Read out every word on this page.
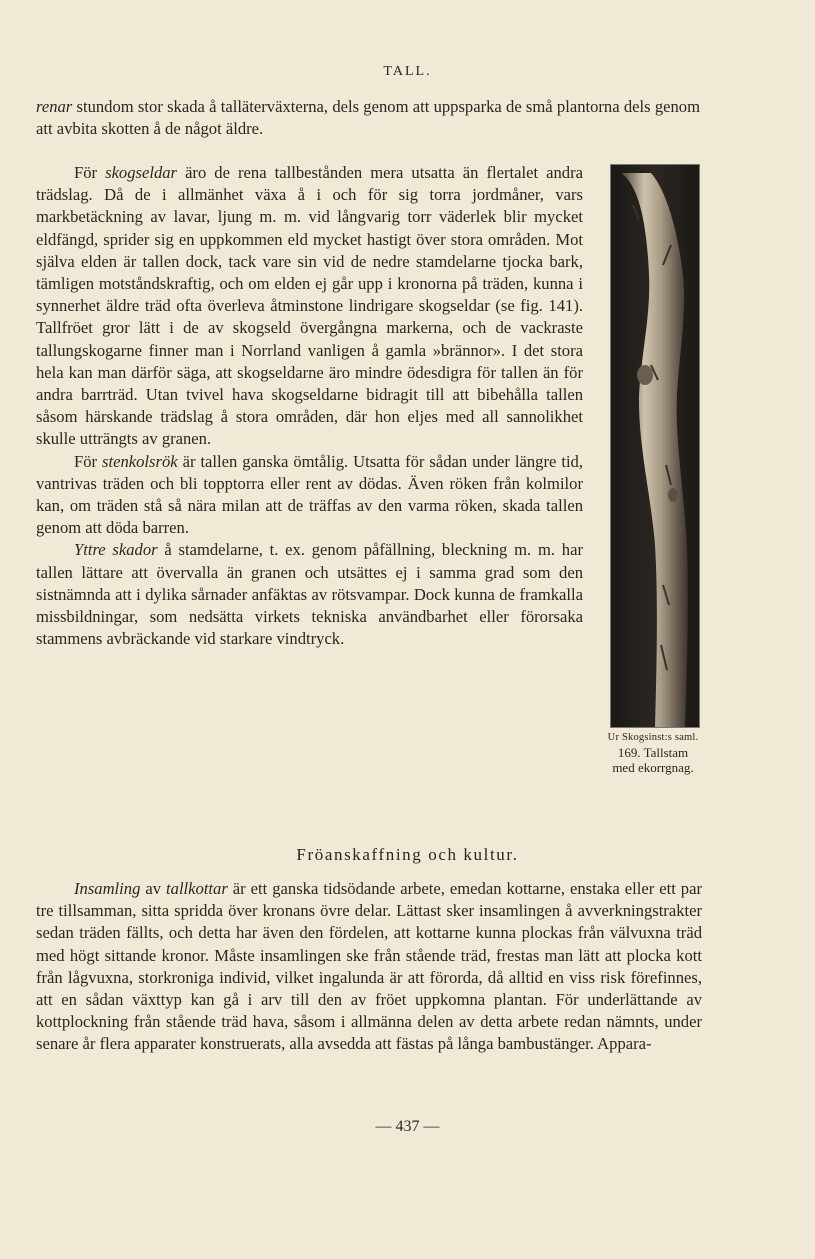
TALL.

renar stundom stor skada å talläterväxterna, dels genom att uppsparka de små plantorna dels genom att avbita skotten å de något äldre.

För skogseldar äro de rena tallbestånden mera utsatta än flertalet andra trädslag. Då de i allmänhet växa å i och för sig torra jordmåner, vars markbetäckning av lavar, ljung m. m. vid långvarig torr väderlek blir mycket eldfängd, sprider sig en uppkommen eld mycket hastigt över stora områden. Mot själva elden är tallen dock, tack vare sin vid de nedre stamdelarne tjocka bark, tämligen motståndskraftig, och om elden ej går upp i kronorna på träden, kunna i synnerhet äldre träd ofta överleva åtminstone lindrigare skogseldar (se fig. 141). Tallfröet gror lätt i de av skogseld övergångna markerna, och de vackraste tallungskogarne finner man i Norrland vanligen å gamla »brännor». I det stora hela kan man därför säga, att skogseldarne äro mindre ödesdigra för tallen än för andra barrträd. Utan tvivel hava skogseldarne bidragit till att bibehålla tallen såsom härskande trädslag å stora områden, där hon eljes med all sannolikhet skulle utträngts av granen.

För stenkolsrök är tallen ganska ömtålig. Utsatta för sådan under längre tid, vantrivas träden och bli topptorra eller rent av dödas. Även röken från kolmilor kan, om träden stå så nära milan att de träffas av den varma röken, skada tallen genom att döda barren.

Yttre skador å stamdelarne, t. ex. genom påfällning, bleckning m. m. har tallen lättare att övervalla än granen och utsättes ej i samma grad som den sistnämnda att i dylika sårnader anfäktas av rötsvampar. Dock kunna de framkalla missbildningar, som nedsätta virkets tekniska användbarhet eller förorsaka stammens avbräckande vid starkare vindtryck.

Ur Skogsinst:s saml.
169. Tallstam
med ekorrgnag.
Fröanskaffning och kultur.

Insamling av tallkottar är ett ganska tidsödande arbete, emedan kottarne, enstaka eller ett par tre tillsamman, sitta spridda över kronans övre delar. Lättast sker insamlingen å avverkningstrakter sedan träden fällts, och detta har även den fördelen, att kottarne kunna plockas från välvuxna träd med högt sittande kronor. Måste insamlingen ske från stående träd, frestas man lätt att plocka kott från lågvuxna, storkroniga individ, vilket ingalunda är att förorda, då alltid en viss risk förefinnes, att en sådan växttyp kan gå i arv till den av fröet uppkomna plantan. För underlättande av kottplockning från stående träd hava, såsom i allmänna delen av detta arbete redan nämnts, under senare år flera apparater konstruerats, alla avsedda att fästas på långa bambustänger. Appara-

— 437 —
